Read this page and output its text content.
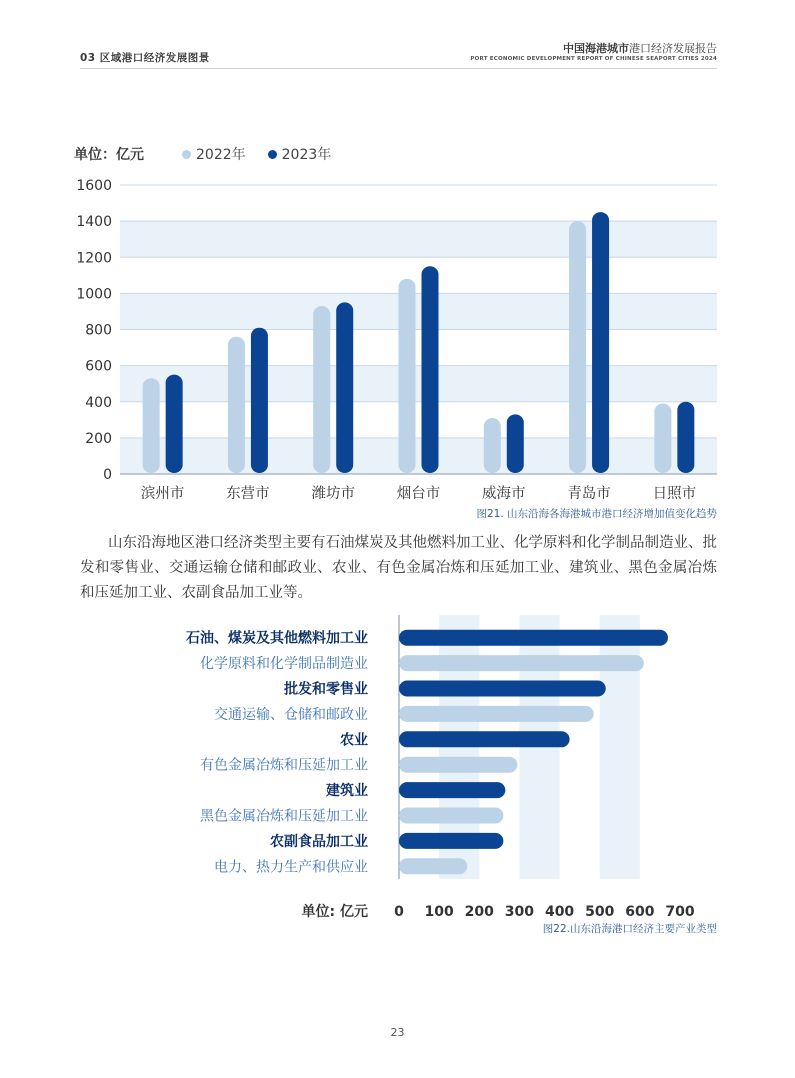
03 区域港口经济发展图景
中国海港城市港口经济发展报告
PORT ECONOMIC DEVELOPMENT REPORT OF CHINESE SEAPORT CITIES 2024
单位：亿元	2022年	2023年
0
200
400
600
800
1000
1200
1400
1600
滨州市	东营市	潍坊市	烟台市	威海市	青岛市	日照市
图21. 山东沿海各海港城市港口经济增加值变化趋势
山东沿海地区港口经济类型主要有石油煤炭及其他燃料加工业、化学原料和化学制品制造业、批发和零售业、交通运输仓储和邮政业、农业、有色金属冶炼和压延加工业、建筑业、黑色金属冶炼和压延加工业、农副食品加工业等。
石油、煤炭及其他燃料加工业
化学原料和化学制品制造业
批发和零售业
交通运输、仓储和邮政业
农业
有色金属冶炼和压延加工业
建筑业
黑色金属冶炼和压延加工业
农副食品加工业
电力、热力生产和供应业
0 100 200 300 400 500 600 700
单位: 亿元
图22.山东沿海港口经济主要产业类型
23
